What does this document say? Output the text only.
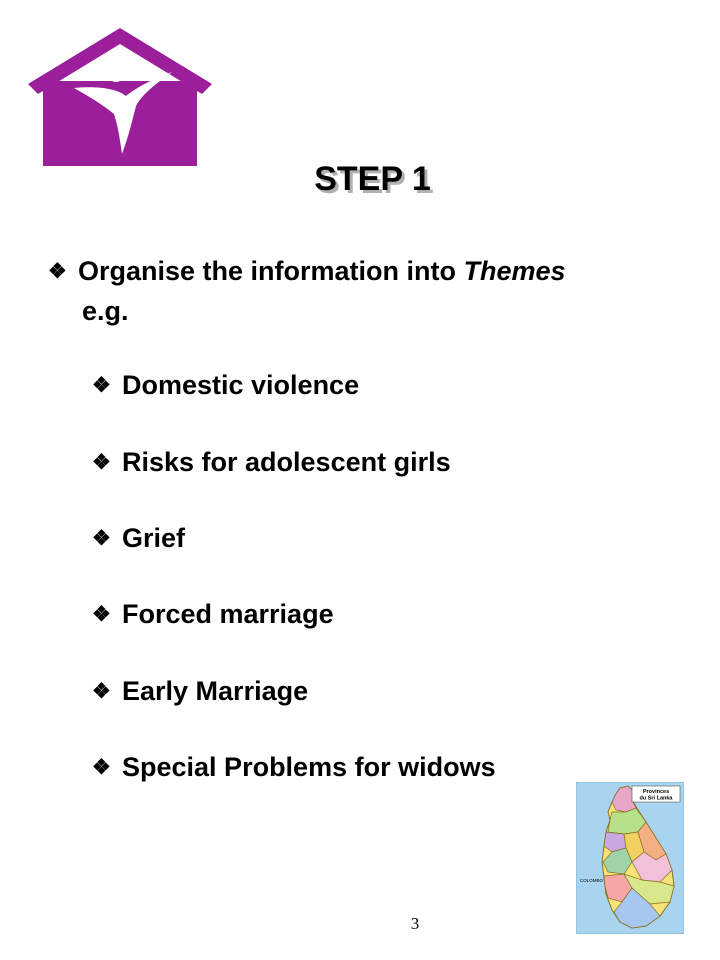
STEP 1
❖ Organise the information into Themes
e.g.
❖ Domestic violence
❖ Risks for adolescent girls
❖ Grief
❖ Forced marriage
❖ Early Marriage
❖ Special Problems for widows
Provinces
du Sri Lanka
COLOMBO
3
